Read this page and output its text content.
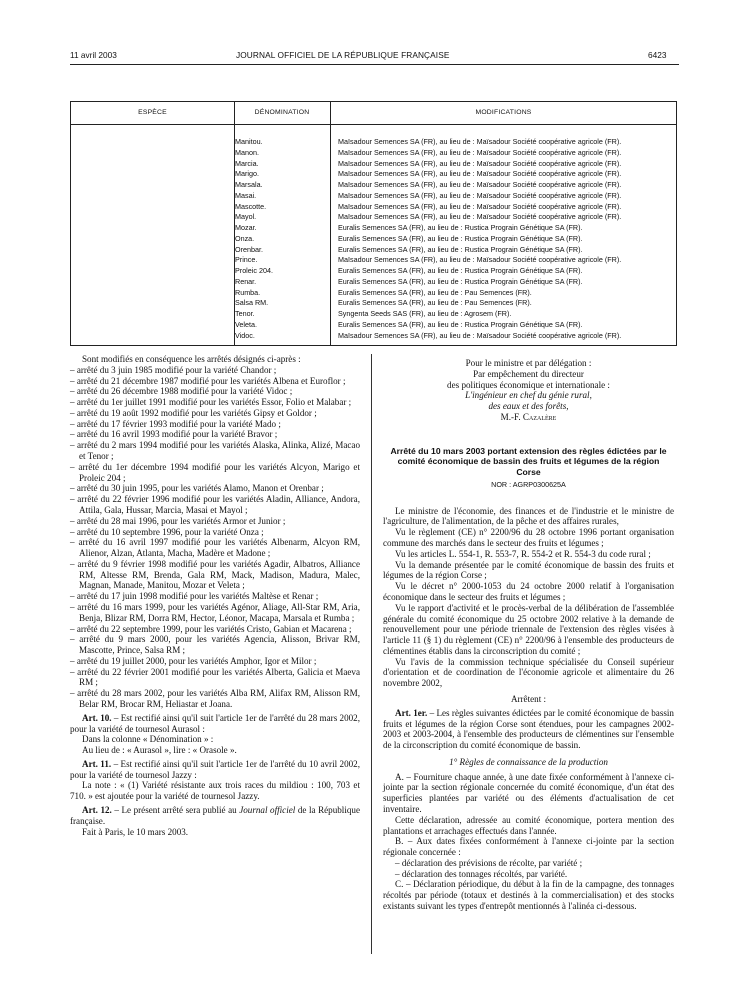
11 avril 2003	JOURNAL OFFICIEL DE LA RÉPUBLIQUE FRANÇAISE	6423
ESPÈCE	DÉNOMINATION	MODIFICATIONS
Manitou.	Maïsadour Semences SA (FR), au lieu de : Maïsadour Société coopérative agricole (FR).
Manon.	Maïsadour Semences SA (FR), au lieu de : Maïsadour Société coopérative agricole (FR).
Marcia.	Maïsadour Semences SA (FR), au lieu de : Maïsadour Société coopérative agricole (FR).
Marigo.	Maïsadour Semences SA (FR), au lieu de : Maïsadour Société coopérative agricole (FR).
Marsala.	Maïsadour Semences SA (FR), au lieu de : Maïsadour Société coopérative agricole (FR).
Masai.	Maïsadour Semences SA (FR), au lieu de : Maïsadour Société coopérative agricole (FR).
Mascotte.	Maïsadour Semences SA (FR), au lieu de : Maïsadour Société coopérative agricole (FR).
Mayol.	Maïsadour Semences SA (FR), au lieu de : Maïsadour Société coopérative agricole (FR).
Mozar.	Euralis Semences SA (FR), au lieu de : Rustica Prograin Génétique SA (FR).
Onza.	Euralis Semences SA (FR), au lieu de : Rustica Prograin Génétique SA (FR).
Orenbar.	Euralis Semences SA (FR), au lieu de : Rustica Prograin Génétique SA (FR).
Prince.	Maïsadour Semences SA (FR), au lieu de : Maïsadour Société coopérative agricole (FR).
Proleic 204.	Euralis Semences SA (FR), au lieu de : Rustica Prograin Génétique SA (FR).
Renar.	Euralis Semences SA (FR), au lieu de : Rustica Prograin Génétique SA (FR).
Rumba.	Euralis Semences SA (FR), au lieu de : Pau Semences (FR).
Salsa RM.	Euralis Semences SA (FR), au lieu de : Pau Semences (FR).
Tenor.	Syngenta Seeds SAS (FR), au lieu de : Agrosem (FR).
Veleta.	Euralis Semences SA (FR), au lieu de : Rustica Prograin Génétique SA (FR).
Vidoc.	Maïsadour Semences SA (FR), au lieu de : Maïsadour Société coopérative agricole (FR).

Sont modifiés en conséquence les arrêtés désignés ci-après :

– arrêté du 3 juin 1985 modifié pour la variété Chandor ;
– arrêté du 21 décembre 1987 modifié pour les variétés Albena et Euroflor ;
– arrêté du 26 décembre 1988 modifié pour la variété Vidoc ;
– arrêté du 1er juillet 1991 modifié pour les variétés Essor, Folio et Malabar ;
– arrêté du 19 août 1992 modifié pour les variétés Gipsy et Goldor ;
– arrêté du 17 février 1993 modifié pour la variété Mado ;
– arrêté du 16 avril 1993 modifié pour la variété Bravor ;
– arrêté du 2 mars 1994 modifié pour les variétés Alaska, Alinka, Alizé, Macao et Tenor ;
– arrêté du 1er décembre 1994 modifié pour les variétés Alcyon, Marigo et Proleic 204 ;
– arrêté du 30 juin 1995, pour les variétés Alamo, Manon et Orenbar ;
– arrêté du 22 février 1996 modifié pour les variétés Aladin, Alliance, Andora, Attila, Gala, Hussar, Marcia, Masai et Mayol ;
– arrêté du 28 mai 1996, pour les variétés Armor et Junior ;
– arrêté du 10 septembre 1996, pour la variété Onza ;
– arrêté du 16 avril 1997 modifié pour les variétés Albenarm, Alcyon RM, Alienor, Alzan, Atlanta, Macha, Madère et Madone ;
– arrêté du 9 février 1998 modifié pour les variétés Agadir, Albatros, Alliance RM, Altesse RM, Brenda, Gala RM, Mack, Madison, Madura, Malec, Magnan, Manade, Manitou, Mozar et Veleta ;
– arrêté du 17 juin 1998 modifié pour les variétés Maltèse et Renar ;
– arrêté du 16 mars 1999, pour les variétés Agénor, Aliage, All-Star RM, Aria, Benja, Blizar RM, Dorra RM, Hector, Léonor, Macapa, Marsala et Rumba ;
– arrêté du 22 septembre 1999, pour les variétés Cristo, Gabian et Macarena ;
– arrêté du 9 mars 2000, pour les variétés Agencia, Alisson, Brivar RM, Mascotte, Prince, Salsa RM ;
– arrêté du 19 juillet 2000, pour les variétés Amphor, Igor et Milor ;
– arrêté du 22 février 2001 modifié pour les variétés Alberta, Galicia et Maeva RM ;
– arrêté du 28 mars 2002, pour les variétés Alba RM, Alifax RM, Alisson RM, Belar RM, Brocar RM, Heliastar et Joana.

Art. 10. – Est rectifié ainsi qu'il suit l'article 1er de l'arrêté du 28 mars 2002, pour la variété de tournesol Aurasol :

Dans la colonne « Dénomination » :

Au lieu de : « Aurasol », lire : « Orasole ».

Art. 11. – Est rectifié ainsi qu'il suit l'article 1er de l'arrêté du 10 avril 2002, pour la variété de tournesol Jazzy :

La note : « (1) Variété résistante aux trois races du mildiou : 100, 703 et 710. » est ajoutée pour la variété de tournesol Jazzy.

Art. 12. – Le présent arrêté sera publié au Journal officiel de la République française.

Fait à Paris, le 10 mars 2003.

Pour le ministre et par délégation :
Par empêchement du directeur
des politiques économique et internationale :
L'ingénieur en chef du génie rural,
des eaux et des forêts,
M.-F. Cazalère
Arrêté du 10 mars 2003 portant extension des règles édictées par le comité économique de bassin des fruits et légumes de la région Corse
NOR : AGRP0300625A

Le ministre de l'économie, des finances et de l'industrie et le ministre de l'agriculture, de l'alimentation, de la pêche et des affaires rurales,

Vu le règlement (CE) n° 2200/96 du 28 octobre 1996 portant organisation commune des marchés dans le secteur des fruits et légumes ;

Vu les articles L. 554-1, R. 553-7, R. 554-2 et R. 554-3 du code rural ;

Vu la demande présentée par le comité économique de bassin des fruits et légumes de la région Corse ;

Vu le décret n° 2000-1053 du 24 octobre 2000 relatif à l'organisation économique dans le secteur des fruits et légumes ;

Vu le rapport d'activité et le procès-verbal de la délibération de l'assemblée générale du comité économique du 25 octobre 2002 relative à la demande de renouvellement pour une période triennale de l'extension des règles visées à l'article 11 (§ 1) du règlement (CE) n° 2200/96 à l'ensemble des producteurs de clémentines établis dans la circonscription du comité ;

Vu l'avis de la commission technique spécialisée du Conseil supérieur d'orientation et de coordination de l'économie agricole et alimentaire du 26 novembre 2002,

Arrêtent :

Art. 1er. – Les règles suivantes édictées par le comité économique de bassin fruits et légumes de la région Corse sont étendues, pour les campagnes 2002-2003 et 2003-2004, à l'ensemble des producteurs de clémentines sur l'ensemble de la circonscription du comité économique de bassin.

1° Règles de connaissance de la production

A. – Fourniture chaque année, à une date fixée conformément à l'annexe ci-jointe par la section régionale concernée du comité économique, d'un état des superficies plantées par variété ou des éléments d'actualisation de cet inventaire.

Cette déclaration, adressée au comité économique, portera mention des plantations et arrachages effectués dans l'année.

B. – Aux dates fixées conformément à l'annexe ci-jointe par la section régionale concernée :

– déclaration des prévisions de récolte, par variété ;

– déclaration des tonnages récoltés, par variété.

C. – Déclaration périodique, du début à la fin de la campagne, des tonnages récoltés par période (totaux et destinés à la commercialisation) et des stocks existants suivant les types d'entrepôt mentionnés à l'alinéa ci-dessous.
